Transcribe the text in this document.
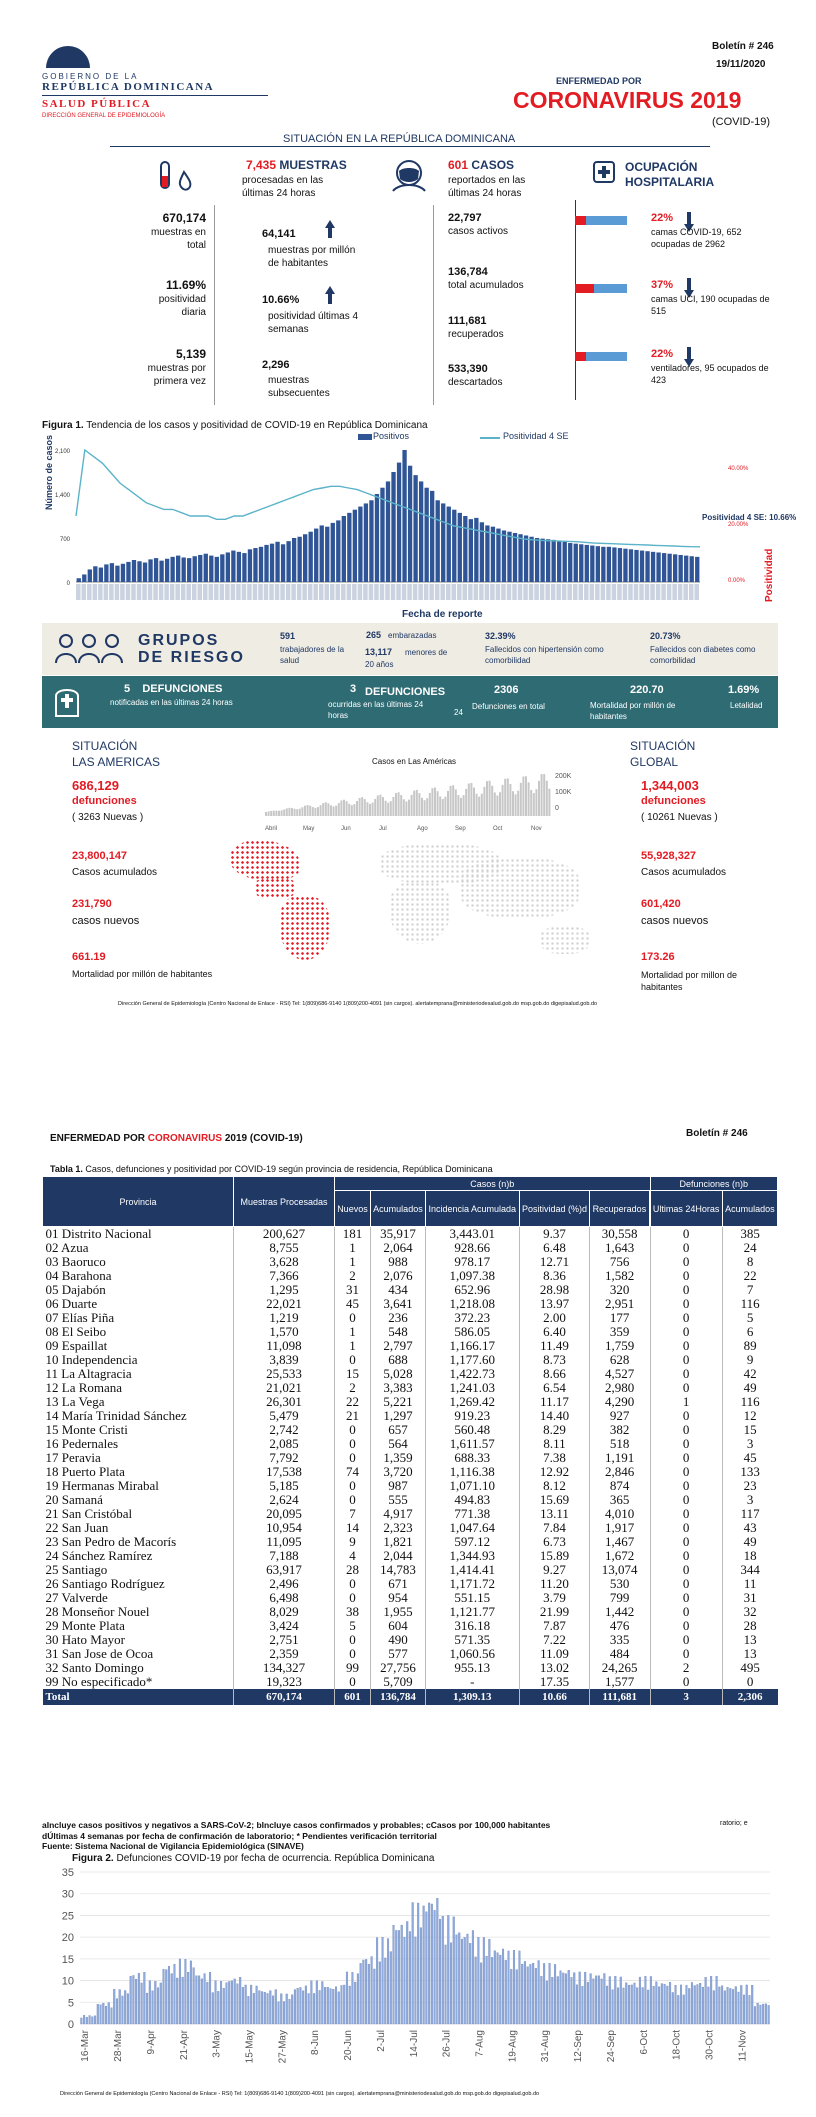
GOBIERNO DE LA
REPÚBLICA DOMINICANA
SALUD PÚBLICA
DIRECCIÓN GENERAL DE EPIDEMIOLOGÍA
Boletín # 246
19/11/2020
ENFERMEDAD POR
CORONAVIRUS 2019
(COVID-19)
SITUACIÓN EN LA REPÚBLICA DOMINICANA
7,435 MUESTRAS
procesadas en las últimas 24 horas
670,174
muestras en total
11.69%
positividad diaria
5,139
muestras por primera vez
64,141
muestras por millón de habitantes
10.66%
positividad últimas 4 semanas
2,296
muestras subsecuentes
601 CASOS
reportados en las últimas 24 horas
22,797
casos activos
136,784
total acumulados
111,681
recuperados
533,390
descartados
OCUPACIÓN
HOSPITALARIA
22%
camas COVID-19, 652 ocupadas de 2962
37%
camas UCI, 190 ocupadas de 515
22%
ventiladores, 95 ocupados de 423
Figura 1. Tendencia de los casos y positividad de COVID-19 en República Dominicana
Positivos	Positividad 4 SE
Número de casos
Positividad
2,100
1,400
700
0
40.00%
20.00%
0.00%
Positividad 4 SE: 10.66%
Fecha de reporte
GRUPOS
DE RIESGO
591
trabajadores de la salud
265 embarazadas
13,117	menores de 20 años
32.39%
Fallecidos con hipertensión como comorbilidad
20.73%
Fallecidos con diabetes como comorbilidad
5 DEFUNCIONES
notificadas en las últimas 24 horas
3 DEFUNCIONES
ocurridas en las últimas 24 horas	24
2306
Defunciones en total
220.70
Mortalidad por millón de habitantes
1.69%
Letalidad
SITUACIÓN
LAS AMERICAS
686,129
defunciones
( 3263 Nuevas )
23,800,147
Casos acumulados
231,790
casos nuevos
661.19
Mortalidad por millón de habitantes
Casos en Las Américas
200K
100K
0
Abril	May	Jun	Jul	Ago	Sep	Oct	Nov
SITUACIÓN
GLOBAL
1,344,003
defunciones
( 10261 Nuevas )
55,928,327
Casos acumulados
601,420
casos nuevos
173.26
Mortalidad por millon de habitantes
Dirección General de Epidemiología (Centro Nacional de Enlace - RSI) Tel: 1(809)686-9140 1(809)200-4091 (sin cargos). alertatemprana@ministeriodesalud.gob.do msp.gob.do digepisalud.gob.do
ENFERMEDAD POR CORONAVIRUS 2019 (COVID-19)	Boletín # 246
Tabla 1. Casos, defunciones y positividad por COVID-19 según provincia de residencia, República Dominicana
Provincia	Muestras Procesadas	Casos (n)b					Defunciones (n)b	
		Nuevos	Acumulados	Incidencia Acumulada	Positividad (%)d	Recuperados		Ultimas 24Horas	Acumulados
01 Distrito Nacional	200,627	181	35,917	3,443.01	9.37	30,558		0	385
02 Azua	8,755	1	2,064	928.66	6.48	1,643		0	24
03 Baoruco	3,628	1	988	978.17	12.71	756		0	8
04 Barahona	7,366	2	2,076	1,097.38	8.36	1,582		0	22
05 Dajabón	1,295	31	434	652.96	28.98	320		0	7
06 Duarte	22,021	45	3,641	1,218.08	13.97	2,951		0	116
07 Elías Piña	1,219	0	236	372.23	2.00	177		0	5
08 El Seibo	1,570	1	548	586.05	6.40	359		0	6
09 Espaillat	11,098	1	2,797	1,166.17	11.49	1,759		0	89
10 Independencia	3,839	0	688	1,177.60	8.73	628		0	9
11 La Altagracia	25,533	15	5,028	1,422.73	8.66	4,527		0	42
12 La Romana	21,021	2	3,383	1,241.03	6.54	2,980		0	49
13 La Vega	26,301	22	5,221	1,269.42	11.17	4,290		1	116
14 María Trinidad Sánchez	5,479	21	1,297	919.23	14.40	927		0	12
15 Monte Cristi	2,742	0	657	560.48	8.29	382		0	15
16 Pedernales	2,085	0	564	1,611.57	8.11	518		0	3
17 Peravia	7,792	0	1,359	688.33	7.38	1,191		0	45
18 Puerto Plata	17,538	74	3,720	1,116.38	12.92	2,846		0	133
19 Hermanas Mirabal	5,185	0	987	1,071.10	8.12	874		0	23
20 Samaná	2,624	0	555	494.83	15.69	365		0	3
21 San Cristóbal	20,095	7	4,917	771.38	13.11	4,010		0	117
22 San Juan	10,954	14	2,323	1,047.64	7.84	1,917		0	43
23 San Pedro de Macorís	11,095	9	1,821	597.12	6.73	1,467		0	49
24 Sánchez Ramírez	7,188	4	2,044	1,344.93	15.89	1,672		0	18
25 Santiago	63,917	28	14,783	1,414.41	9.27	13,074		0	344
26 Santiago Rodríguez	2,496	0	671	1,171.72	11.20	530		0	11
27 Valverde	6,498	0	954	551.15	3.79	799		0	31
28 Monseñor Nouel	8,029	38	1,955	1,121.77	21.99	1,442		0	32
29 Monte Plata	3,424	5	604	316.18	7.87	476		0	28
30 Hato Mayor	2,751	0	490	571.35	7.22	335		0	13
31 San Jose de Ocoa	2,359	0	577	1,060.56	11.09	484		0	13
32 Santo Domingo	134,327	99	27,756	955.13	13.02	24,265		2	495
99 No especificado*	19,323	0	5,709	-	17.35	1,577		0	0
Total	670,174	601	136,784	1,309.13	10.66	111,681		3	2,306
aIncluye casos positivos y negativos a SARS-CoV-2; bIncluye casos confirmados y probables; cCasos por 100,000 habitantes	ratorio; e
dÚltimas 4 semanas por fecha de confirmación de laboratorio; * Pendientes verificación territorial
Fuente: Sistema Nacional de Vigilancia Epidemiológica (SINAVE)
Figura 2. Defunciones COVID-19 por fecha de ocurrencia. República Dominicana
35
30
25
20
15
10
5
0
16-Mar 28-Mar 9-Apr 21-Apr 3-May 15-May 27-May 8-Jun 20-Jun 2-Jul 14-Jul 26-Jul 7-Aug 19-Aug 31-Aug 12-Sep 24-Sep 6-Oct 18-Oct 30-Oct 11-Nov
Dirección General de Epidemiología (Centro Nacional de Enlace - RSI) Tel: 1(809)686-9140 1(809)200-4091 (sin cargos). alertatemprana@ministeriodesalud.gob.do msp.gob.do digepisalud.gob.do
